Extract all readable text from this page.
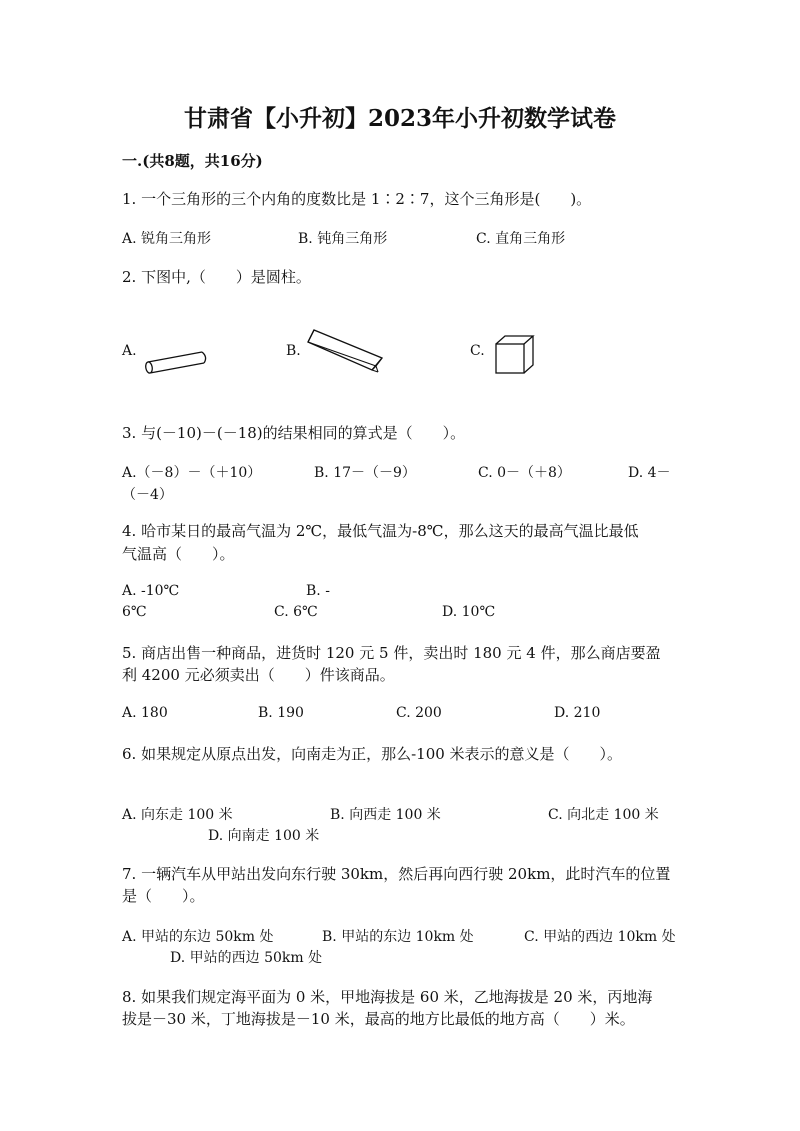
甘肃省【小升初】2023年小升初数学试卷
一.(共8题，共16分)
1. 一个三角形的三个内角的度数比是 1∶2∶7，这个三角形是(　　)。
A. 锐角三角形	B. 钝角三角形	C. 直角三角形
2. 下图中,（　　）是圆柱。
A.	B.	C.
3. 与(－10)－(－18)的结果相同的算式是（　　）。
A.（－8）－（＋10）	B. 17－（－9）	C. 0－（＋8）	D. 4－
（－4）
4. 哈市某日的最高气温为 2℃，最低气温为-8℃，那么这天的最高气温比最低
气温高（　　）。
A. -10℃	B. -
6℃	C. 6℃	D. 10℃
5. 商店出售一种商品，进货时 120 元 5 件，卖出时 180 元 4 件，那么商店要盈
利 4200 元必须卖出（　　）件该商品。
A. 180	B. 190	C. 200	D. 210
6. 如果规定从原点出发，向南走为正，那么-100 米表示的意义是（　　）。
A. 向东走 100 米	B. 向西走 100 米	C. 向北走 100 米
D. 向南走 100 米
7. 一辆汽车从甲站出发向东行驶 30km，然后再向西行驶 20km，此时汽车的位置
是（　　）。
A. 甲站的东边 50km 处	B. 甲站的东边 10km 处	C. 甲站的西边 10km 处
D. 甲站的西边 50km 处
8. 如果我们规定海平面为 0 米，甲地海拔是 60 米，乙地海拔是 20 米，丙地海
拔是－30 米，丁地海拔是－10 米，最高的地方比最低的地方高（　　）米。
